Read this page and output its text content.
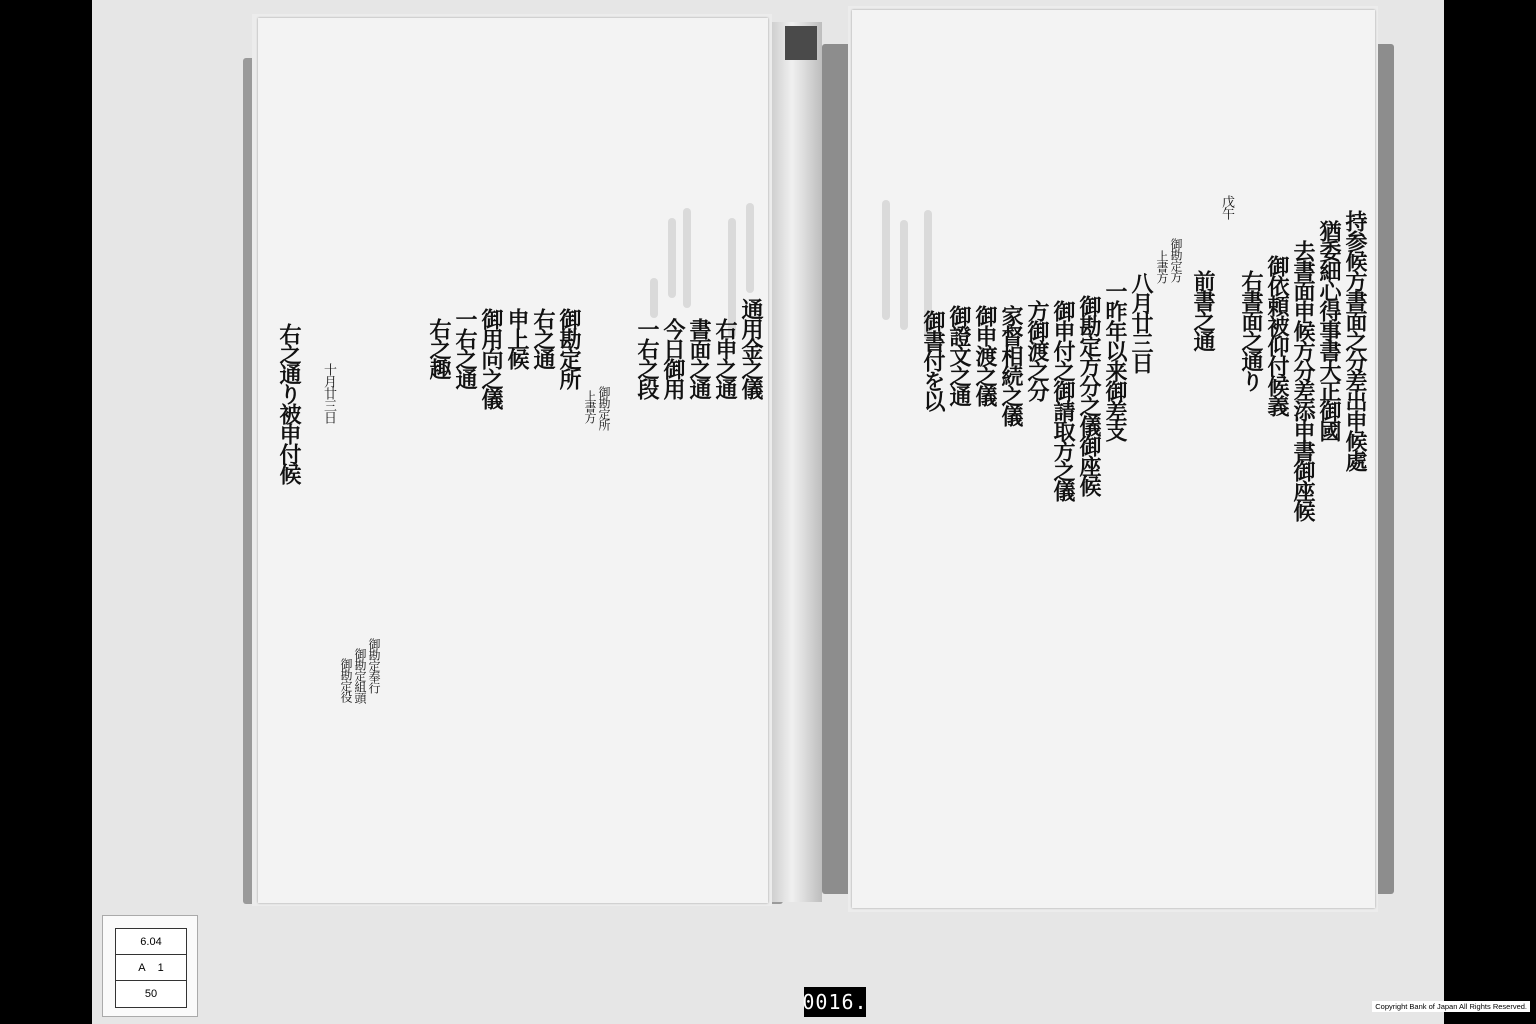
通用金之儀
右申之通
書面之通
今日御用
一右之段
御勘定所
上書方
御勘定所
右之通
申上候
御用向之儀
一右之通
右之趣
御勘定奉行
御勘定組頭
御勘定役
十月廿三日
右之通り被申付候	持参候方書面之分差出申候處
猶委細心得事書大正御國
去書面申候方分差添申書御座候
御依頼被仰付候義
右書面之通り
戊午
前書之通
御勘定方
上書方
八月廿三日
一昨年以来御差支
御勘定方分之儀御座候
御申付之御請取方之儀
方御渡之分
家督相続之儀
御申渡之儀
御證文之通
御書付を以
6.04
A 1
50	0016.	Copyright Bank of Japan All Rights Reserved.
